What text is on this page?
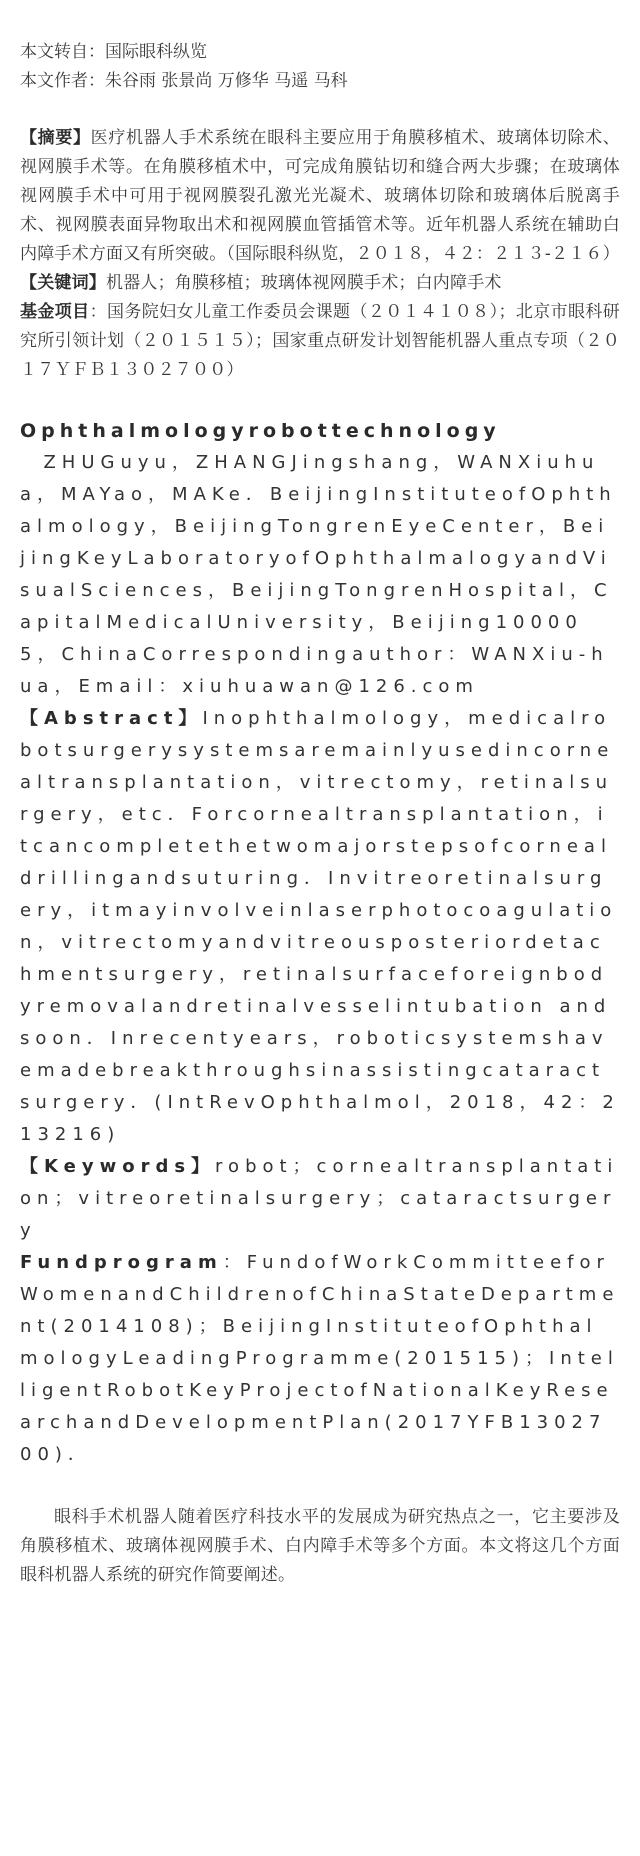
本文转自：国际眼科纵览
本文作者：朱谷雨 张景尚 万修华 马遥 马科

【摘要】医疗机器人手术系统在眼科主要应用于角膜移植术、玻璃体切除术、视网膜手术等。在角膜移植术中，可完成角膜钻切和缝合两大步骤；在玻璃体视网膜手术中可用于视网膜裂孔激光光凝术、玻璃体切除和玻璃体后脱离手术、视网膜表面异物取出术和视网膜血管插管术等。近年机器人系统在辅助白内障手术方面又有所突破。（国际眼科纵览，２０１８，４２：２１３-２１６）

【关键词】机器人；角膜移植；玻璃体视网膜手术；白内障手术

基金项目：国务院妇女儿童工作委员会课题（２０１４１０８）；北京市眼科研究所引领计划（２０１５１５）；国家重点研发计划智能机器人重点专项（２０１７ＹＦＢ１３０２７００）

Ophthalmologyrobottechnology

ZHUGuyu，ZHANGJingshang，WANXiuhua，MAYao，MAKe．BeijingInstituteofOphthalmology，BeijingTongrenEyeCenter，BeijingKeyLaboratoryofOphthalmalogyandVisualSciences，BeijingTongrenHospital，CapitalMedicalUniversity，Beijing100005，ChinaCorrespondingauthor：WANXiu-hua，Email：xiuhuawan@126.com

【Abstract】Inophthalmology，medicalrobotsurgerysystemsaremainlyusedincornealtransplantation，vitrectomy，retinalsurgery，etc．Forcornealtransplantation，itcancompletethetwomajorstepsofcornealdrillingandsuturing．Invitreoretinalsurgery，itmayinvolveinlaserphotocoagulation，vitrectomyandvitreousposteriordetachmentsurgery，retinalsurfaceforeignbodyremovalandretinalvesselintubation andsoon．Inrecentyears，roboticsystemshavemadebreakthroughsinassistingcataractsurgery．(IntRevOphthalmol，2018，42：213216)

【Keywords】robot；cornealtransplantation；vitreoretinalsurgery；cataractsurgery

Fundprogram：FundofWorkCommitteeforWomenandChildrenofChinaStateDepartment(2014108)；BeijingInstituteofOphthalmologyLeadingProgramme(201515)；IntelligentRobotKeyProjectofNationalKeyResearchandDevelopmentPlan(2017YFB1302700)．

眼科手术机器人随着医疗科技水平的发展成为研究热点之一，它主要涉及角膜移植术、玻璃体视网膜手术、白内障手术等多个方面。本文将这几个方面眼科机器人系统的研究作简要阐述。
